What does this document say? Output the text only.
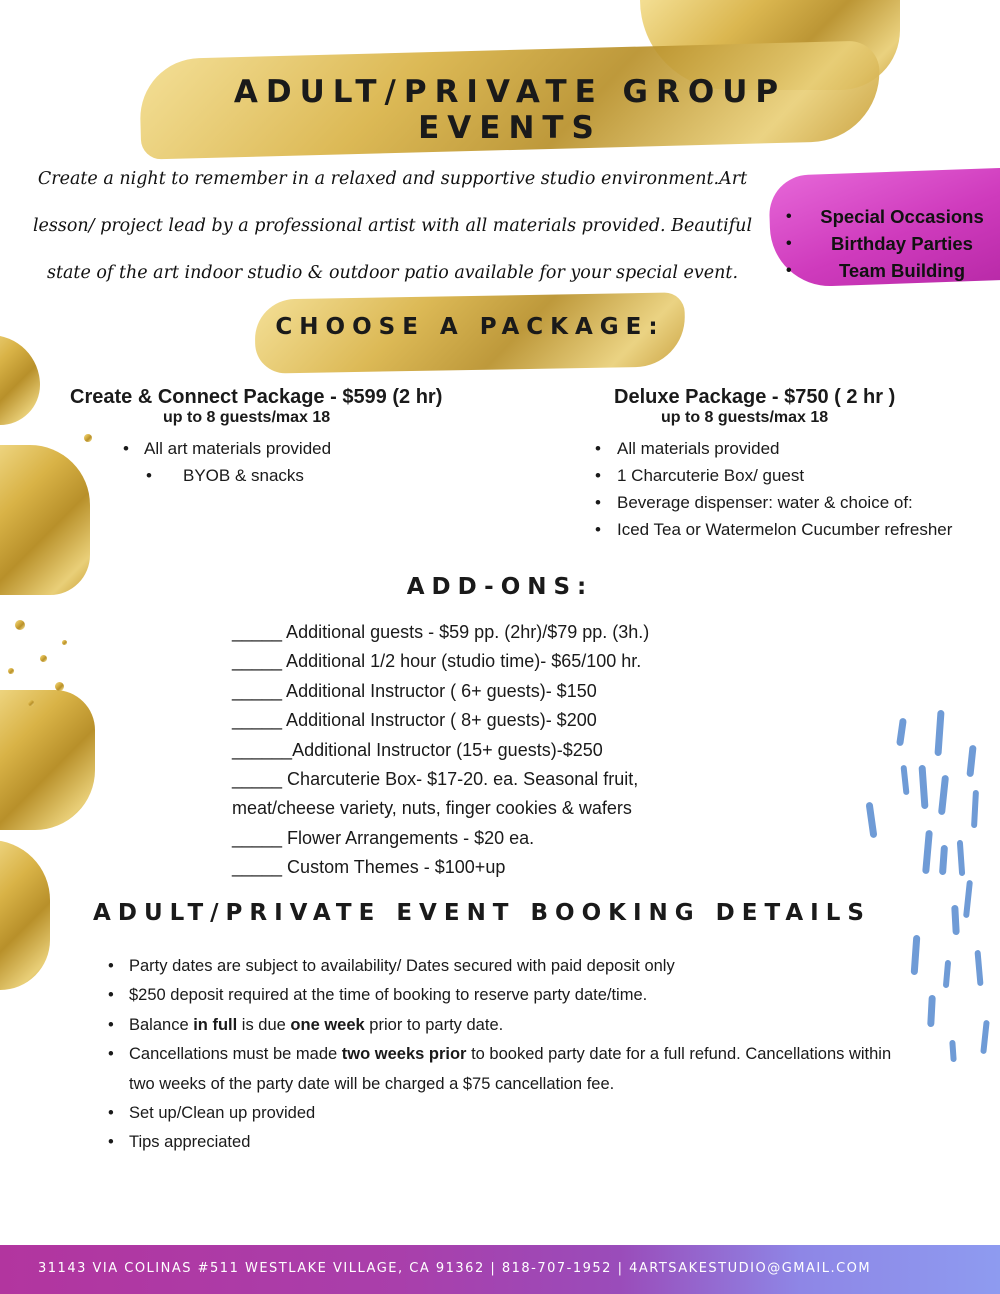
ADULT/PRIVATE GROUP EVENTS

Create a night to remember in a relaxed and supportive studio environment.Art lesson/ project lead by a professional artist with all materials provided. Beautiful state of the art indoor studio & outdoor patio available for your special event.

•	Special Occasions
•	Birthday Parties
•	Team Building
CHOOSE A PACKAGE:
Create & Connect Package - $599 (2 hr)
up to 8 guests/max 18
• All art materials provided
• BYOB & snacks
Deluxe Package - $750 ( 2 hr )
up to 8 guests/max 18
• All materials provided
• 1 Charcuterie Box/ guest
• Beverage dispenser: water & choice of:
• Iced Tea or Watermelon Cucumber refresher
ADD-ONS:
_____ Additional guests - $59 pp. (2hr)/$79 pp. (3h.)
_____ Additional 1/2 hour (studio time)- $65/100 hr.
_____ Additional Instructor ( 6+ guests)- $150
_____ Additional Instructor ( 8+ guests)- $200
______Additional Instructor (15+ guests)-$250
_____ Charcuterie Box- $17-20. ea. Seasonal fruit,
meat/cheese variety, nuts, finger cookies & wafers
_____ Flower Arrangements - $20 ea.
_____ Custom Themes - $100+up
ADULT/PRIVATE EVENT BOOKING DETAILS
• Party dates are subject to availability/ Dates secured with paid deposit only
• $250 deposit required at the time of booking to reserve party date/time.
• Balance in full is due one week prior to party date.
• Cancellations must be made two weeks prior to booked party date for a full refund. Cancellations within two weeks of the party date will be charged a $75 cancellation fee.
• Set up/Clean up provided
• Tips appreciated
31143 VIA COLINAS #511 WESTLAKE VILLAGE, CA 91362 | 818-707-1952 | 4ARTSAKESTUDIO@GMAIL.COM
